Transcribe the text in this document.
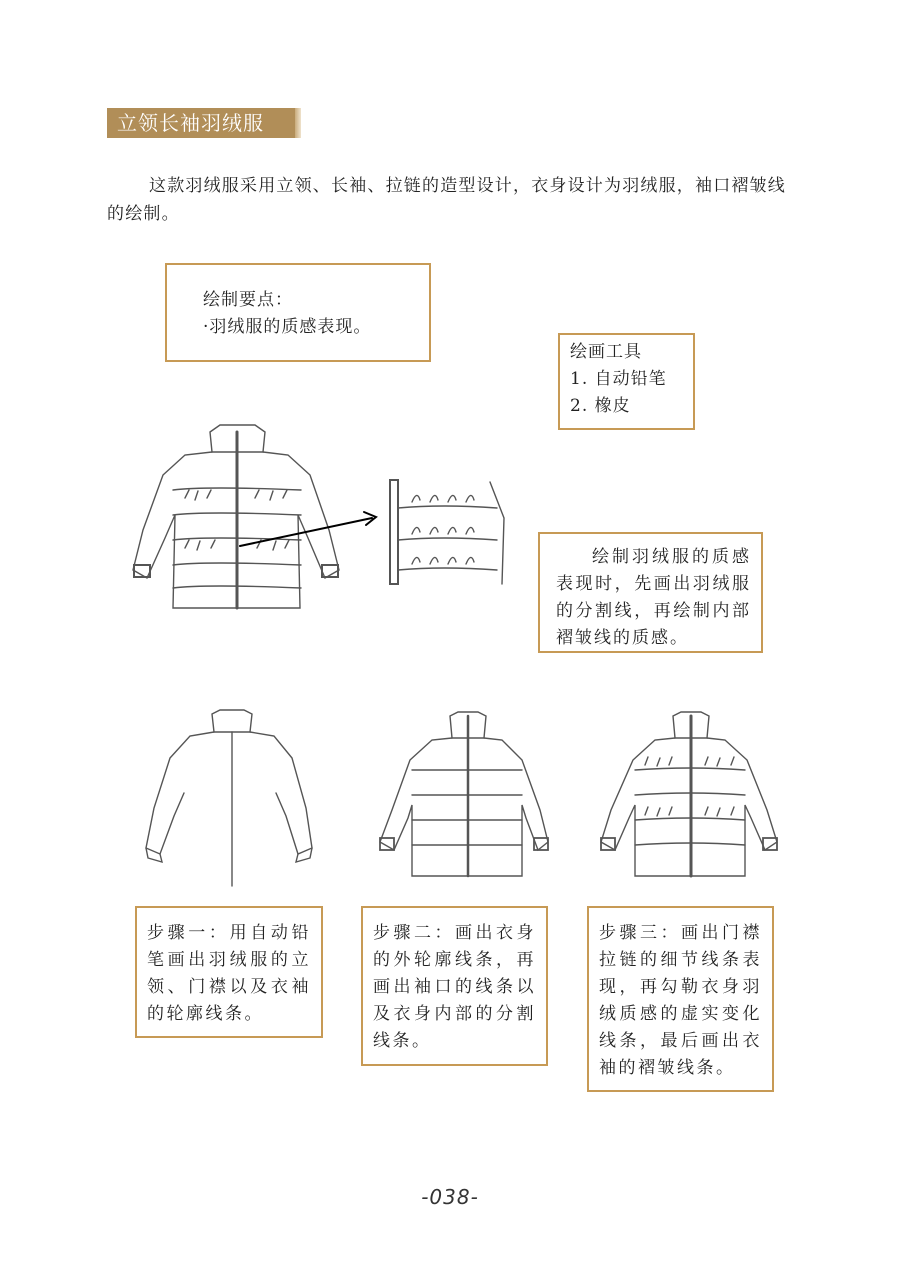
立领长袖羽绒服

这款羽绒服采用立领、长袖、拉链的造型设计，衣身设计为羽绒服，袖口褶皱线的绘制。

绘制要点：

·羽绒服的质感表现。

绘画工具

1. 自动铅笔

2. 橡皮

绘制羽绒服的质感表现时，先画出羽绒服的分割线，再绘制内部褶皱线的质感。
步骤一：用自动铅笔画出羽绒服的立领、门襟以及衣袖的轮廓线条。
步骤二：画出衣身的外轮廓线条，再画出袖口的线条以及衣身内部的分割线条。
步骤三：画出门襟拉链的细节线条表现，再勾勒衣身羽绒质感的虚实变化线条，最后画出衣袖的褶皱线条。
-038-
